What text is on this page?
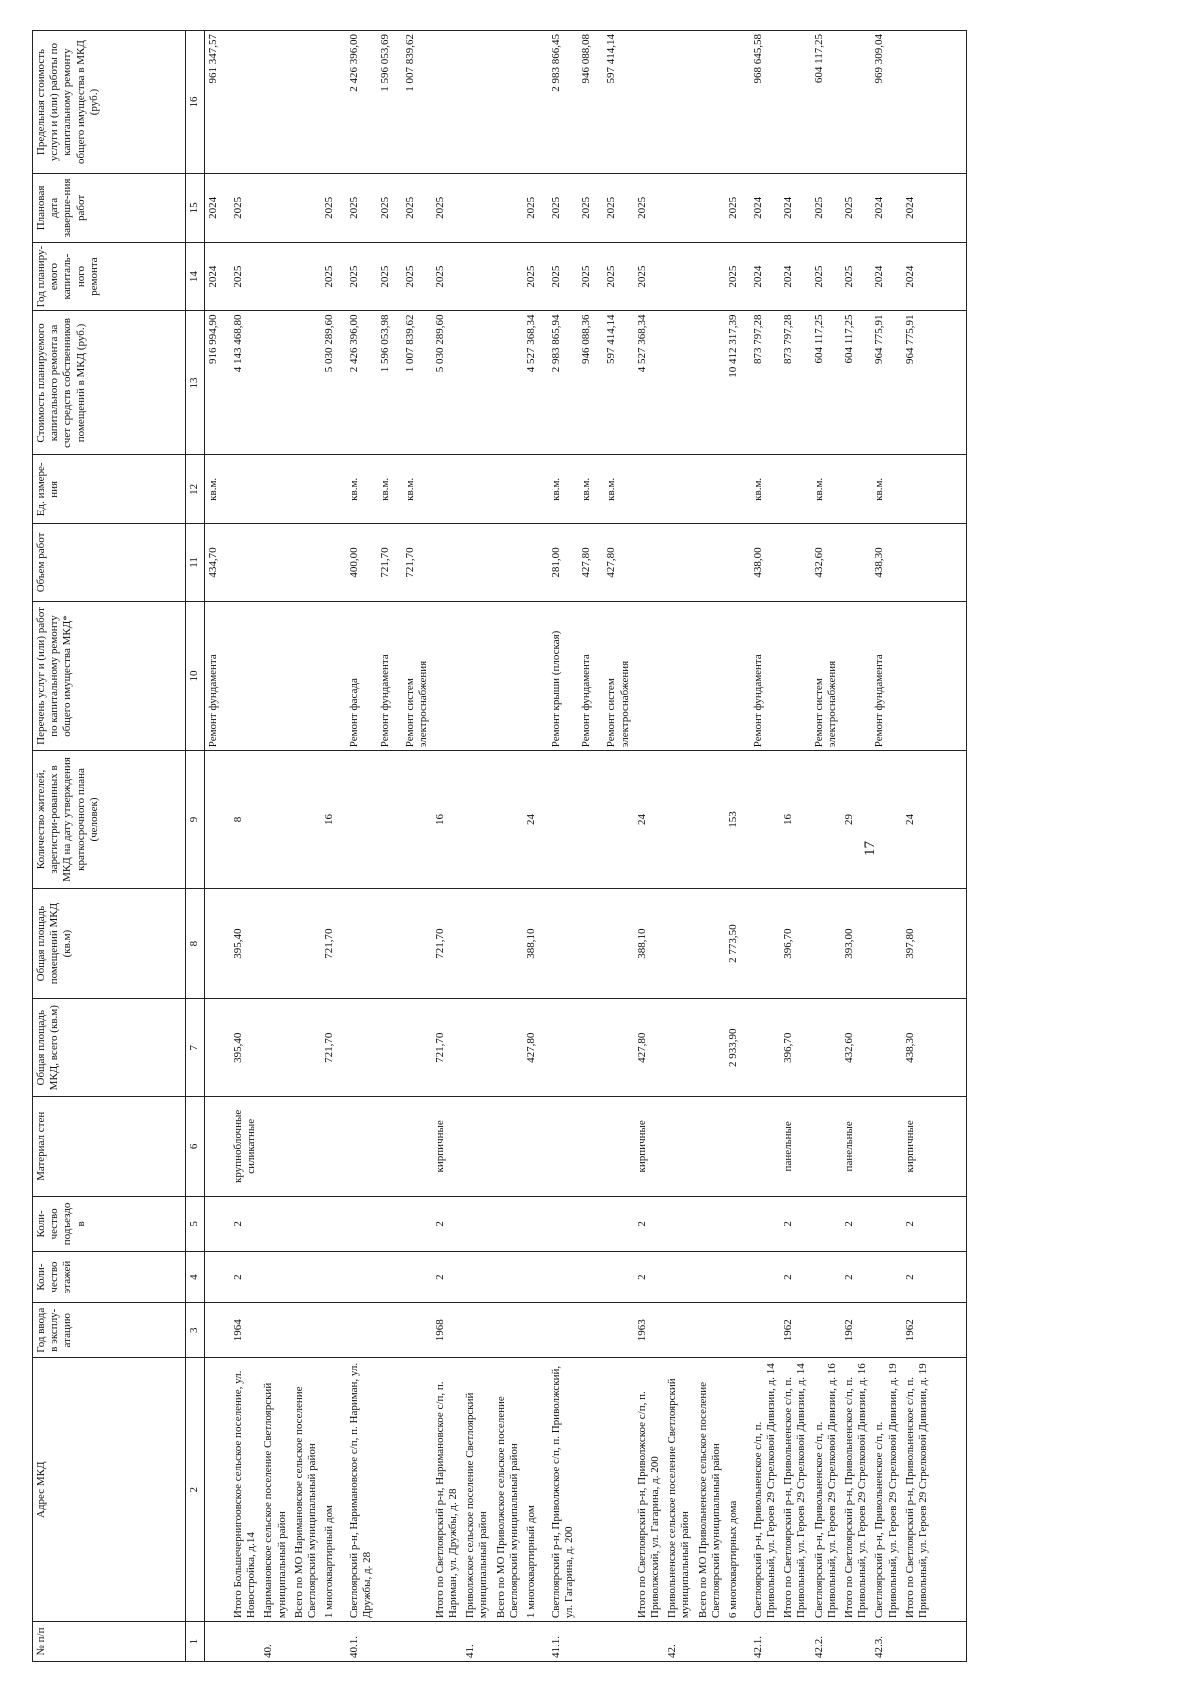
17
№ п/п	Адрес МКД	Год ввода в эксплу-атацию	Коли-чество этажей	Коли-чество подъездо в	Материал стен	Общая площадь МКД, всего (кв.м)	Общая площадь помещений МКД (кв.м)	Количество жителей, зарегистри-рованных в МКД на дату утверждения краткосрочного плана (человек)	Перечень услуг и (или) работ по капитальному ремонту общего имущества МКД*	Объем работ	Ед. измере-ния	Стоимость планируемого капитального ремонта за счет средств собственников помещений в МКД (руб.)	Год планиру-емого капиталь-ного ремонта	Плановая дата заверше-ния работ	Предельная стоимость услуги и (или) работы по капитальному ремонту общего имущества в МКД (руб.)
1	2	3	4	5	6	7	8	9	10	11	12	13	14	15	16
									Ремонт фундамента	434,70	кв.м.	916 994,90	2024	2024	961 347,57
	Итого Большечернигоовское сельское поселение, ул. Новостройка, д.14	1964	2	2	крупноблочные силикатные	395,40	395,40	8				4 143 468,80	2025	2025	
40.	Наримановское сельское поселение Светлоярский муниципальный район														
	Всего по МО Наримановское сельское поселение Светлоярский муниципальный район														
	1 многоквартирный дом					721,70	721,70	16				5 030 289,60	2025	2025	
40.1.	Светлоярский р-н, Наримановское с/п, п. Нариман, ул. Дружбы, д. 28								Ремонт фасада	400,00	кв.м.	2 426 396,00	2025	2025	2 426 396,00
									Ремонт фундамента	721,70	кв.м.	1 596 053,98	2025	2025	1 596 053,69
									Ремонт систем электроснабжения	721,70	кв.м.	1 007 839,62	2025	2025	1 007 839,62
	Итого по Светлоярский р-н, Наримановское с/п, п. Нариман, ул. Дружбы, д. 28	1968	2	2	кирпичные	721,70	721,70	16				5 030 289,60	2025	2025	
41.	Приволжское сельское поселение Светлоярский муниципальный район														
	Всего по МО Приволжское сельское поселение Светлоярский муниципальный район														
	1 многоквартирный дом					427,80	388,10	24				4 527 368,34	2025	2025	
41.1.	Светлоярский р-н, Приволжское с/п, п. Приволжский, ул. Гагарина, д. 200								Ремонт крыши (плоская)	281,00	кв.м.	2 983 865,94	2025	2025	2 983 866,45
									Ремонт фундамента	427,80	кв.м.	946 088,36	2025	2025	946 088,08
									Ремонт систем электроснабжения	427,80	кв.м.	597 414,14	2025	2025	597 414,14
	Итого по Светлоярский р-н, Приволжское с/п, п. Приволжский, ул. Гагарина, д. 200	1963	2	2	кирпичные	427,80	388,10	24				4 527 368,34	2025	2025	
42.	Привольненское сельское поселение Светлоярский муниципальный район														
	Всего по МО Привольненское сельское поселение Светлоярский муниципальный район														
	6 многоквартирных дома					2 933,90	2 773,50	153				10 412 317,39	2025	2025	
42.1.	Светлоярский р-н, Привольненское с/п, п. Привольный, ул. Героев 29 Стрелковой Дивизии, д. 14								Ремонт фундамента	438,00	кв.м.	873 797,28	2024	2024	968 645,58
	Итого по Светлоярский р-н, Привольненское с/п, п. Привольный, ул. Героев 29 Стрелковой Дивизии, д. 14	1962	2	2	панельные	396,70	396,70	16				873 797,28	2024	2024	
42.2.	Светлоярский р-н, Привольненское с/п, п. Привольный, ул. Героев 29 Стрелковой Дивизии, д. 16								Ремонт систем электроснабжения	432,60	кв.м.	604 117,25	2025	2025	604 117,25
	Итого по Светлоярский р-н, Привольненское с/п, п. Привольный, ул. Героев 29 Стрелковой Дивизии, д. 16	1962	2	2	панельные	432,60	393,00	29				604 117,25	2025	2025	
42.3.	Светлоярский р-н, Привольненское с/п, п. Привольный, ул. Героев 29 Стрелковой Дивизии, д. 19								Ремонт фундамента	438,30	кв.м.	964 775,91	2024	2024	969 309,04
	Итого по Светлоярский р-н, Привольненское с/п, п. Привольный, ул. Героев 29 Стрелковой Дивизии, д. 19	1962	2	2	кирпичные	438,30	397,80	24				964 775,91	2024	2024	
